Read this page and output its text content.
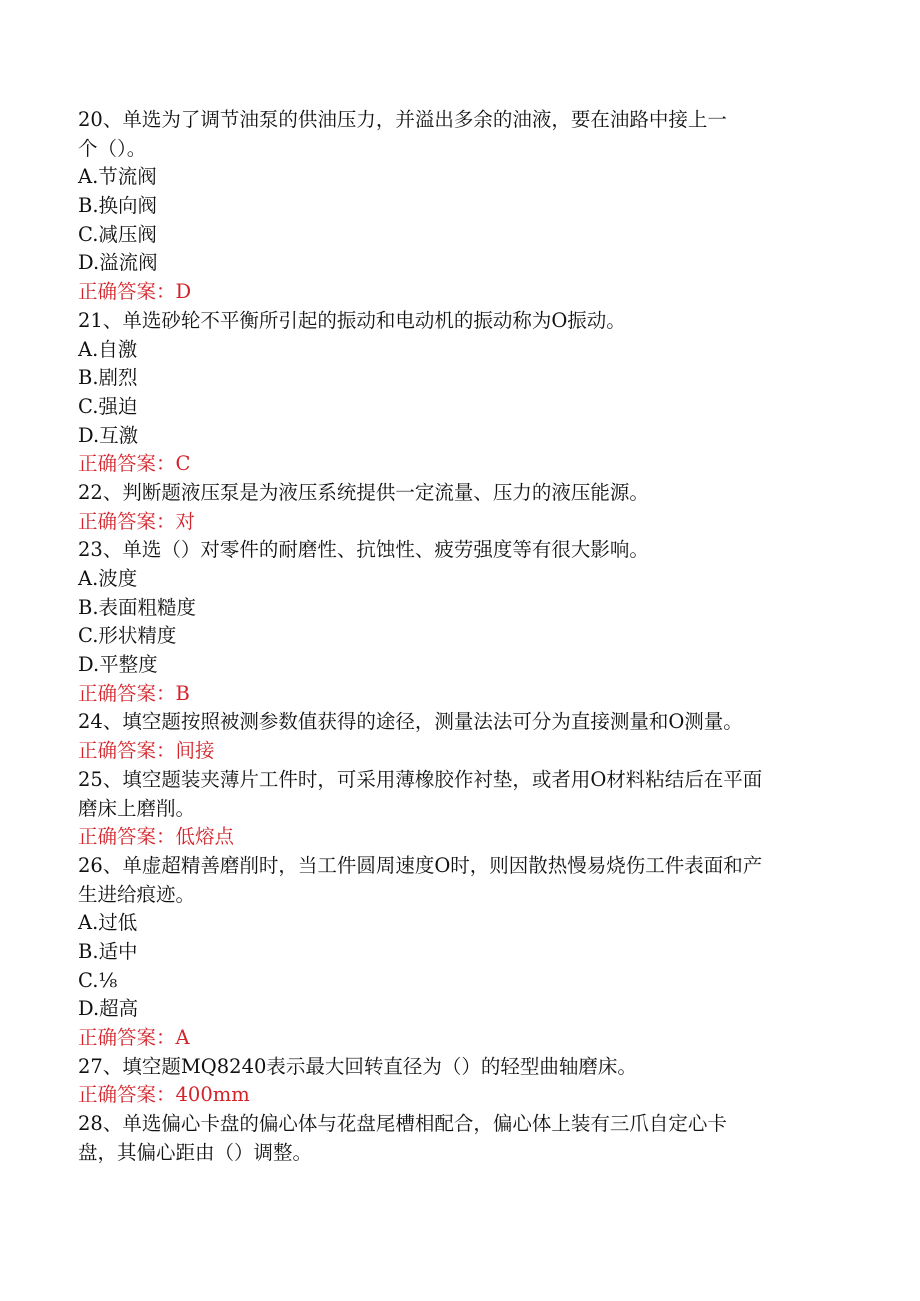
20、单选为了调节油泵的供油压力，并溢出多余的油液，要在油路中接上一
个（）。
A.节流阀
B.换向阀
C.减压阀
D.溢流阀
正确答案：D
21、单选砂轮不平衡所引起的振动和电动机的振动称为O振动。
A.自激
B.剧烈
C.强迫
D.互激
正确答案：C
22、判断题液压泵是为液压系统提供一定流量、压力的液压能源。
正确答案：对
23、单选（）对零件的耐磨性、抗蚀性、疲劳强度等有很大影响。
A.波度
B.表面粗糙度
C.形状精度
D.平整度
正确答案：B
24、填空题按照被测参数值获得的途径，测量法法可分为直接测量和O测量。
正确答案：间接
25、填空题装夹薄片工件时，可采用薄橡胶作衬垫，或者用O材料粘结后在平面
磨床上磨削。
正确答案：低熔点
26、单虚超精善磨削时，当工件圆周速度O时，则因散热慢易烧伤工件表面和产
生进给痕迹。
A.过低
B.适中
C.⅛
D.超高
正确答案：A
27、填空题MQ8240表示最大回转直径为（）的轻型曲轴磨床。
正确答案：400mm
28、单选偏心卡盘的偏心体与花盘尾槽相配合，偏心体上装有三爪自定心卡
盘，其偏心距由（）调整。
